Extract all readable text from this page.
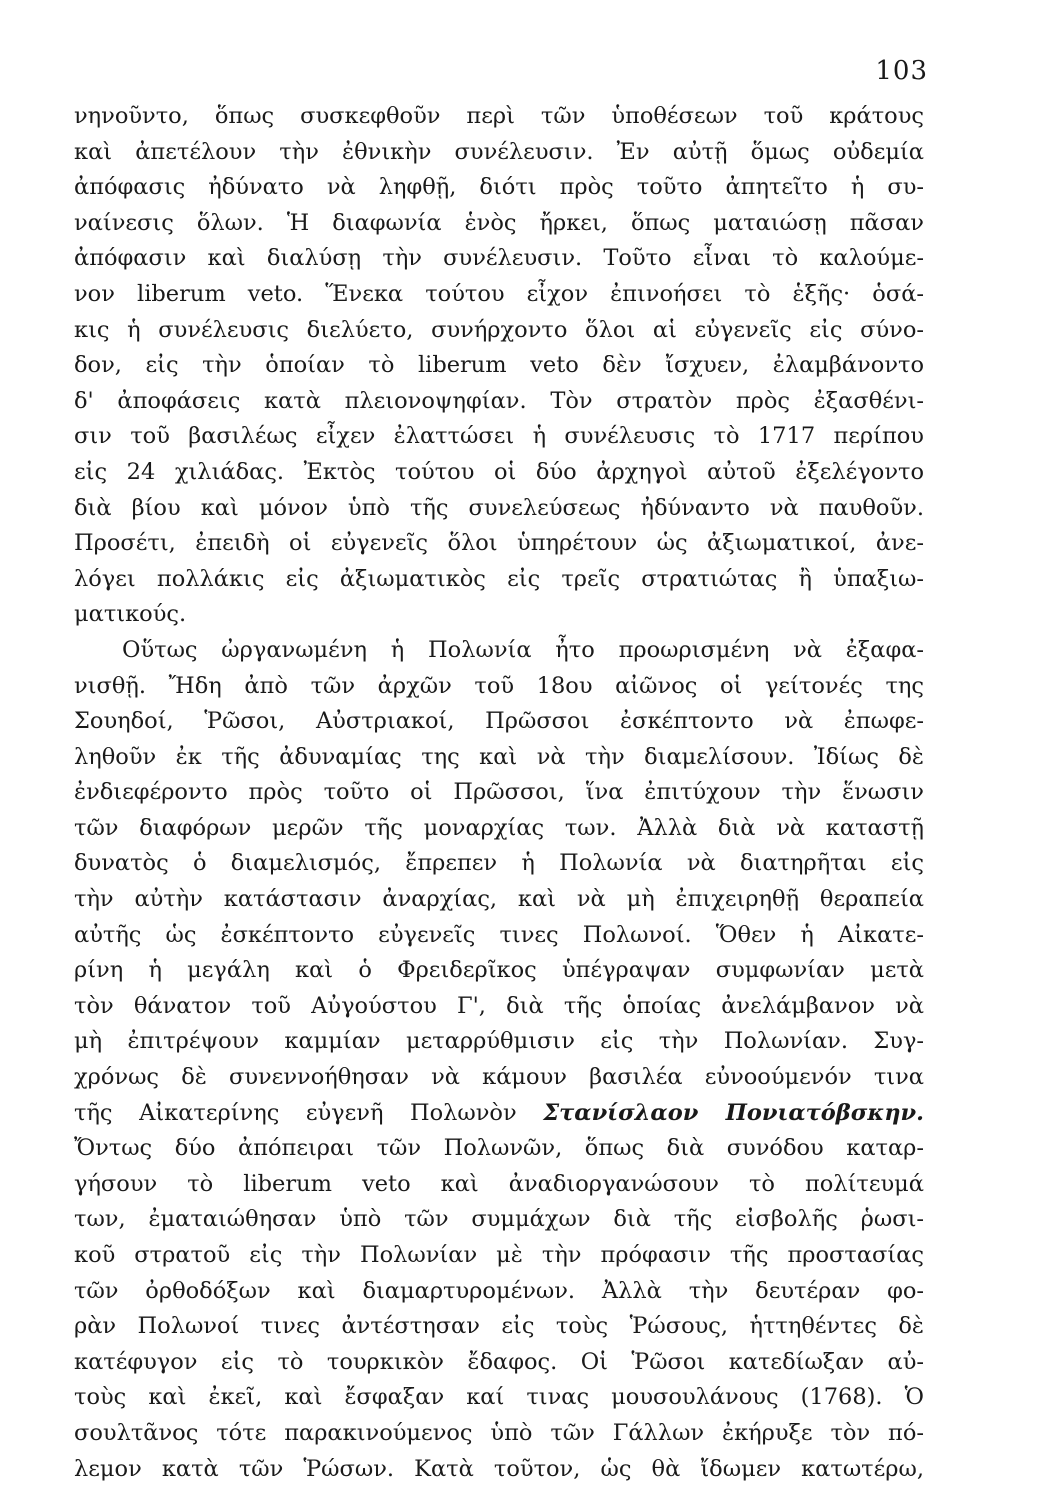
103
νηνοῦντο, ὅπως συσκεφθοῦν περὶ τῶν ὑποθέσεων τοῦ κράτους
καὶ ἀπετέλουν τὴν ἐθνικὴν συνέλευσιν. Ἐν αὐτῇ ὅμως οὐδεμία
ἀπόφασις ἠδύνατο νὰ ληφθῇ, διότι πρὸς τοῦτο ἀπητεῖτο ἡ συ-
ναίνεσις ὅλων. Ἡ διαφωνία ἑνὸς ἤρκει, ὅπως ματαιώσῃ πᾶσαν
ἀπόφασιν καὶ διαλύσῃ τὴν συνέλευσιν. Τοῦτο εἶναι τὸ καλούμε-
νον liberum veto. Ἕνεκα τούτου εἶχον ἐπινοήσει τὸ ἑξῆς· ὁσά-
κις ἡ συνέλευσις διελύετο, συνήρχοντο ὅλοι αἱ εὐγενεῖς εἰς σύνο-
δον, εἰς τὴν ὁποίαν τὸ liberum veto δὲν ἴσχυεν, ἐλαμβάνοντο
δ' ἀποφάσεις κατὰ πλειονοψηφίαν. Τὸν στρατὸν πρὸς ἐξασθένι-
σιν τοῦ βασιλέως εἶχεν ἐλαττώσει ἡ συνέλευσις τὸ 1717 περίπου
εἰς 24 χιλιάδας. Ἐκτὸς τούτου οἱ δύο ἀρχηγοὶ αὐτοῦ ἐξελέγοντο
διὰ βίου καὶ μόνον ὑπὸ τῆς συνελεύσεως ἠδύναντο νὰ παυθοῦν.
Προσέτι, ἐπειδὴ οἱ εὐγενεῖς ὅλοι ὑπηρέτουν ὡς ἀξιωματικοί, ἀνε-
λόγει πολλάκις εἰς ἀξιωματικὸς εἰς τρεῖς στρατιώτας ἢ ὑπαξιω-
ματικούς.
Οὕτως ὠργανωμένη ἡ Πολωνία ἦτο προωρισμένη νὰ ἐξαφα-
νισθῇ. Ἤδη ἀπὸ τῶν ἀρχῶν τοῦ 18ου αἰῶνος οἱ γείτονές της
Σουηδοί, Ῥῶσοι, Αὐστριακοί, Πρῶσσοι ἐσκέπτοντο νὰ ἐπωφε-
ληθοῦν ἐκ τῆς ἀδυναμίας της καὶ νὰ τὴν διαμελίσουν. Ἰδίως δὲ
ἐνδιεφέροντο πρὸς τοῦτο οἱ Πρῶσσοι, ἵνα ἐπιτύχουν τὴν ἕνωσιν
τῶν διαφόρων μερῶν τῆς μοναρχίας των. Ἀλλὰ διὰ νὰ καταστῇ
δυνατὸς ὁ διαμελισμός, ἔπρεπεν ἡ Πολωνία νὰ διατηρῆται εἰς
τὴν αὐτὴν κατάστασιν ἀναρχίας, καὶ νὰ μὴ ἐπιχειρηθῇ θεραπεία
αὐτῆς ὡς ἐσκέπτοντο εὐγενεῖς τινες Πολωνοί. Ὅθεν ἡ Αἰκατε-
ρίνη ἡ μεγάλη καὶ ὁ Φρειδερῖκος ὑπέγραψαν συμφωνίαν μετὰ
τὸν θάνατον τοῦ Αὐγούστου Γ', διὰ τῆς ὁποίας ἀνελάμβανον νὰ
μὴ ἐπιτρέψουν καμμίαν μεταρρύθμισιν εἰς τὴν Πολωνίαν. Συγ-
χρόνως δὲ συνεννοήθησαν νὰ κάμουν βασιλέα εὐνοούμενόν τινα
τῆς Αἰκατερίνης εὐγενῆ Πολωνὸν Στανίσλαον Πονιατόβσκην.
Ὄντως δύο ἀπόπειραι τῶν Πολωνῶν, ὅπως διὰ συνόδου καταρ-
γήσουν τὸ liberum veto καὶ ἀναδιοργανώσουν τὸ πολίτευμά
των, ἐματαιώθησαν ὑπὸ τῶν συμμάχων διὰ τῆς εἰσβολῆς ῥωσι-
κοῦ στρατοῦ εἰς τὴν Πολωνίαν μὲ τὴν πρόφασιν τῆς προστασίας
τῶν ὀρθοδόξων καὶ διαμαρτυρομένων. Ἀλλὰ τὴν δευτέραν φο-
ρὰν Πολωνοί τινες ἀντέστησαν εἰς τοὺς Ῥώσους, ἡττηθέντες δὲ
κατέφυγον εἰς τὸ τουρκικὸν ἔδαφος. Οἱ Ῥῶσοι κατεδίωξαν αὐ-
τοὺς καὶ ἐκεῖ, καὶ ἔσφαξαν καί τινας μουσουλάνους (1768). Ὁ
σουλτᾶνος τότε παρακινούμενος ὑπὸ τῶν Γάλλων ἐκήρυξε τὸν πό-
λεμον κατὰ τῶν Ῥώσων. Κατὰ τοῦτον, ὡς θὰ ἴδωμεν κατωτέρω,
